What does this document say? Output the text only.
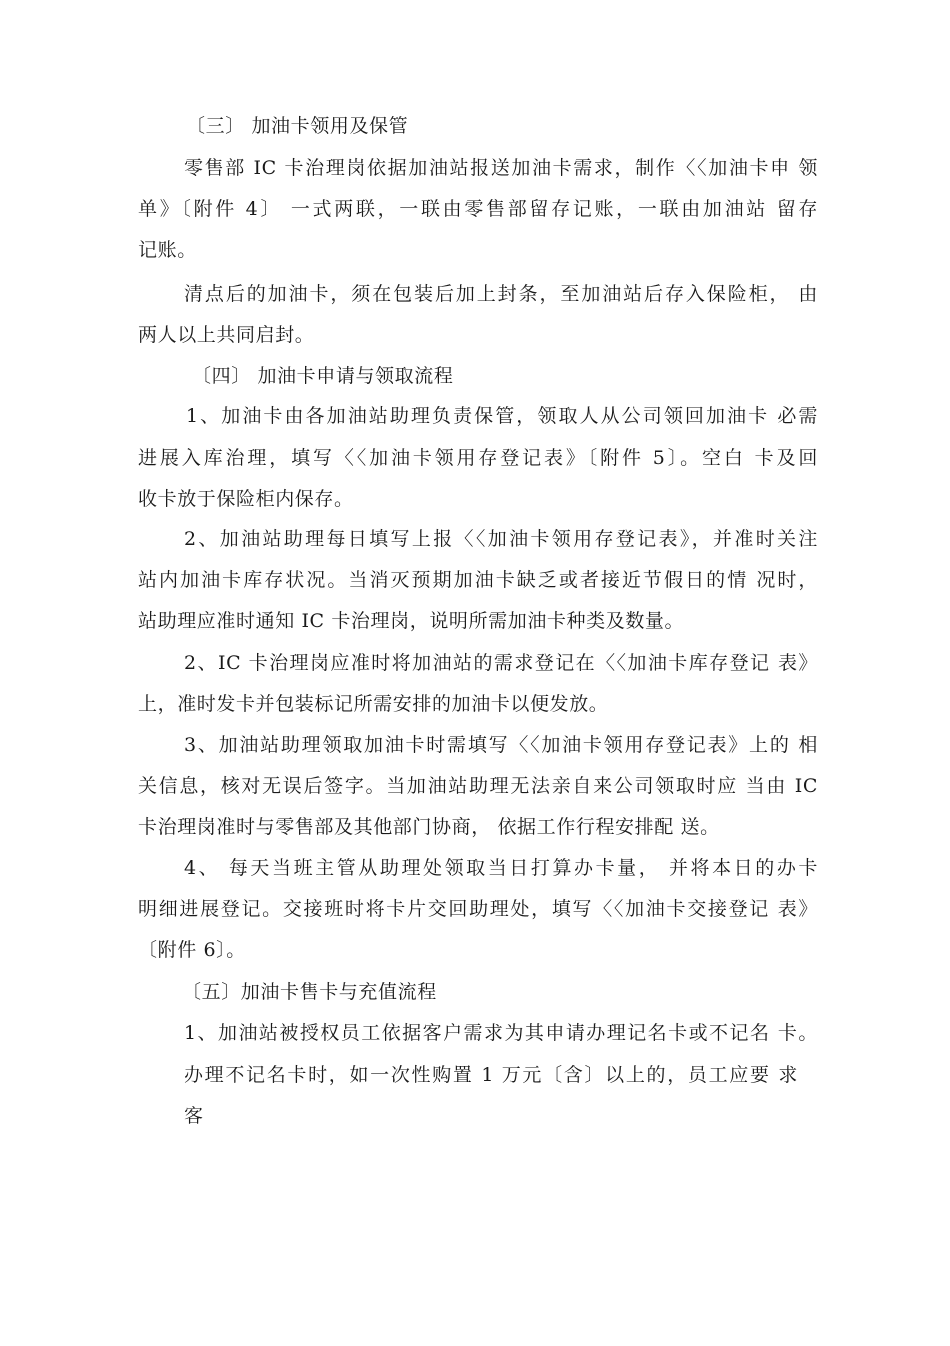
〔三〕 加油卡领用及保管
零售部 IC 卡治理岗依据加油站报送加油卡需求，制作〈〈加油卡申 领
单》〔附件 4〕 一式两联，一联由零售部留存记账，一联由加油站 留存
记账。
清点后的加油卡，须在包装后加上封条，至加油站后存入保险柜， 由
两人以上共同启封。
〔四〕 加油卡申请与领取流程
1、加油卡由各加油站助理负责保管，领取人从公司领回加油卡 必需
进展入库治理，填写〈〈加油卡领用存登记表》〔附件 5〕。空白 卡及回
收卡放于保险柜内保存。
2、加油站助理每日填写上报〈〈加油卡领用存登记表》，并准时关注
站内加油卡库存状况。当消灭预期加油卡缺乏或者接近节假日的情 况时，
站助理应准时通知 IC 卡治理岗，说明所需加油卡种类及数量。
2、IC 卡治理岗应准时将加油站的需求登记在〈〈加油卡库存登记 表》
上，准时发卡并包装标记所需安排的加油卡以便发放。
3、加油站助理领取加油卡时需填写〈〈加油卡领用存登记表》上的 相
关信息，核对无误后签字。当加油站助理无法亲自来公司领取时应 当由 IC
卡治理岗准时与零售部及其他部门协商， 依据工作行程安排配 送。
4、 每天当班主管从助理处领取当日打算办卡量， 并将本日的办卡
明细进展登记。交接班时将卡片交回助理处，填写〈〈加油卡交接登记 表》
〔附件 6〕。
〔五〕加油卡售卡与充值流程
1、加油站被授权员工依据客户需求为其申请办理记名卡或不记名 卡。
办理不记名卡时，如一次性购置 1 万元〔含〕以上的，员工应要 求
客
